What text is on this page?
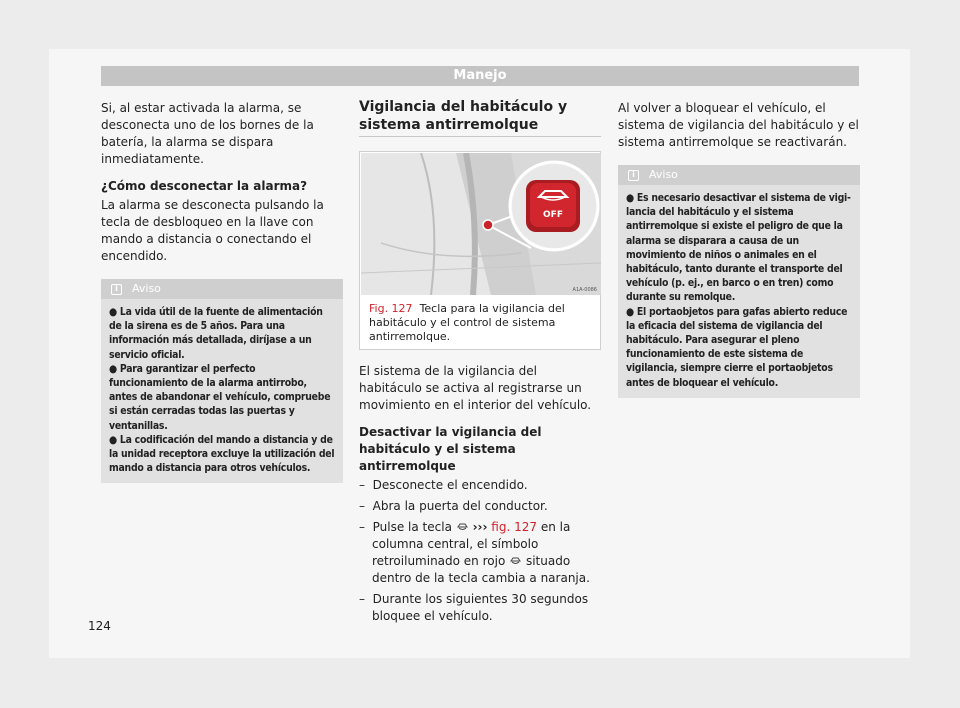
Manejo

Si, al estar activada la alarma, se desconecta uno de los bornes de la batería, la alarma se dispara inmediatamente.

¿Cómo desconectar la alarma?

La alarma se desconecta pulsando la tecla de desbloqueo en la llave con mando a distancia o conectando el encendido.

i	Aviso
● La vida útil de la fuente de alimentación de la sirena es de 5 años. Para una información más detallada, diríjase a un servicio oficial.
● Para garantizar el perfecto funcionamiento de la alarma antirrobo, antes de abandonar el vehículo, compruebe si están cerradas todas las puertas y ventanillas.
● La codificación del mando a distancia y de la unidad receptora excluye la utilización del mando a distancia para otros vehículos.
Vigilancia del habitáculo y sistema antirremolque
OFF
A1A-0086
Fig. 127 Tecla para la vigilancia del habitáculo y el control de sistema antirremolque.

El sistema de la vigilancia del habitáculo se activa al registrarse un movimiento en el interior del vehículo.

Desactivar la vigilancia del habitáculo y el sistema antirremolque

–  Desconecte el encendido.
–  Abra la puerta del conductor.
–  Pulse la tecla ››› fig. 127 en la columna central, el símbolo retroiluminado en rojo situado dentro de la tecla cambia a naranja.
–  Durante los siguientes 30 segundos bloquee el vehículo.

Al volver a bloquear el vehículo, el sistema de vigilancia del habitáculo y el sistema antirremolque se reactivarán.

i	Aviso
● Es necesario desactivar el sistema de vigilancia del habitáculo y el sistema antirremolque si existe el peligro de que la alarma se disparara a causa de un movimiento de niños o animales en el habitáculo, tanto durante el transporte del vehículo (p. ej., en barco o en tren) como durante su remolque.
● El portaobjetos para gafas abierto reduce la eficacia del sistema de vigilancia del habitáculo. Para asegurar el pleno funcionamiento de este sistema de vigilancia, siempre cierre el portaobjetos antes de bloquear el vehículo.
124
